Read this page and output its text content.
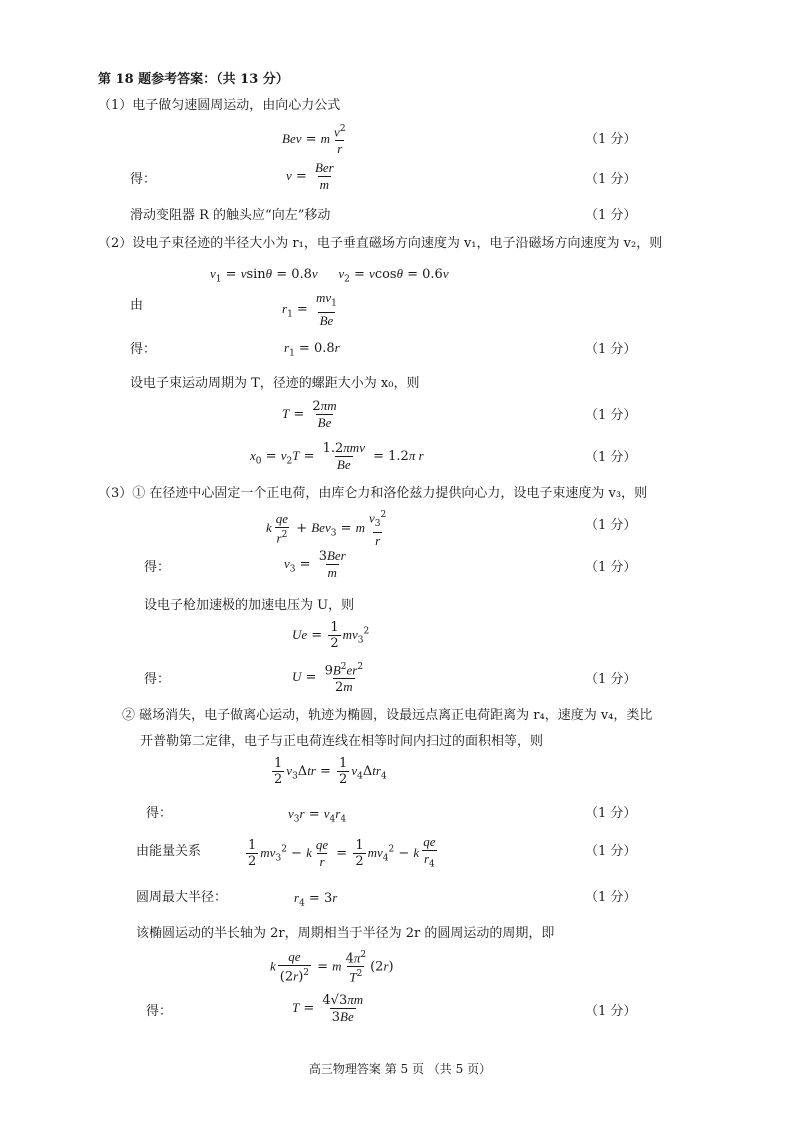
第 18 题参考答案：（共 13 分）
（1）电子做匀速圆周运动，由向心力公式
Bev = m $\frac{v^2}{r}$	（1 分）
得：	$v = \frac{\text{Ber}}{m}$	（1 分）
滑动变阻器 R 的触头应“向左”移动	（1 分）
（2）设电子束径迹的半径大小为 r₁，电子垂直磁场方向速度为 v₁，电子沿磁场方向速度为 v₂，则
$v_1 = vsin\theta = 0.8v$ $v_2 = vcos\theta = 0.6v$
由	$r_1 = \frac{mv_1}{Be}$
得：	$r_1 = 0.8r$	（1 分）
设电子束运动周期为 T，径迹的螺距大小为 x₀，则
$T = \frac{2\pi m}{Be}$	（1 分）
$x_0 = v_2T = \frac{\text{1.2πmv}}{Be} = 1.2\pi$ r	（1 分）
（3）① 在径迹中心固定一个正电荷，由库仑力和洛伦兹力提供向心力，设电子束速度为 v₃，则
k $\frac{qe}{r^2} + Bev_3 = m \frac{v_3^2}{r}$	（1 分）
得：	$v_3 = \frac{\text{3Ber}}{m}$	（1 分）
设电子枪加速极的加速电压为 U，则
$Ue = \frac{1}{2} mv_3^2$
得：	$U = \frac{9B^2er^2}{2m}$	（1 分）
② 磁场消失，电子做离心运动，轨迹为椭圆，设最远点离正电荷距离为 r₄，速度为 v₄，类比
开普勒第二定律，电子与正电荷连线在相等时间内扫过的面积相等，则
$\frac{1}{2} v_3\Delta tr = \frac{1}{2} v_4\Delta tr_4$
得：	$v_3r = v_4r_4$	（1 分）
由能量关系	$\frac{1}{2} mv_3^2 - k \frac{qe}{r} = \frac{1}{2} mv_4^2 - k \frac{qe}{r_4}$	（1 分）
圆周最大半径：	$r_4 = 3r$	（1 分）
该椭圆运动的半长轴为 2r，周期相当于半径为 2r 的圆周运动的周期，即
k $\frac{qe}{(2r)^2} = m \frac{4\pi^2}{T^2} (2r)$
得：	$T = \frac{4√3\pi m}{3Be}$	（1 分）
高三物理答案 第 5 页 （共 5 页）
